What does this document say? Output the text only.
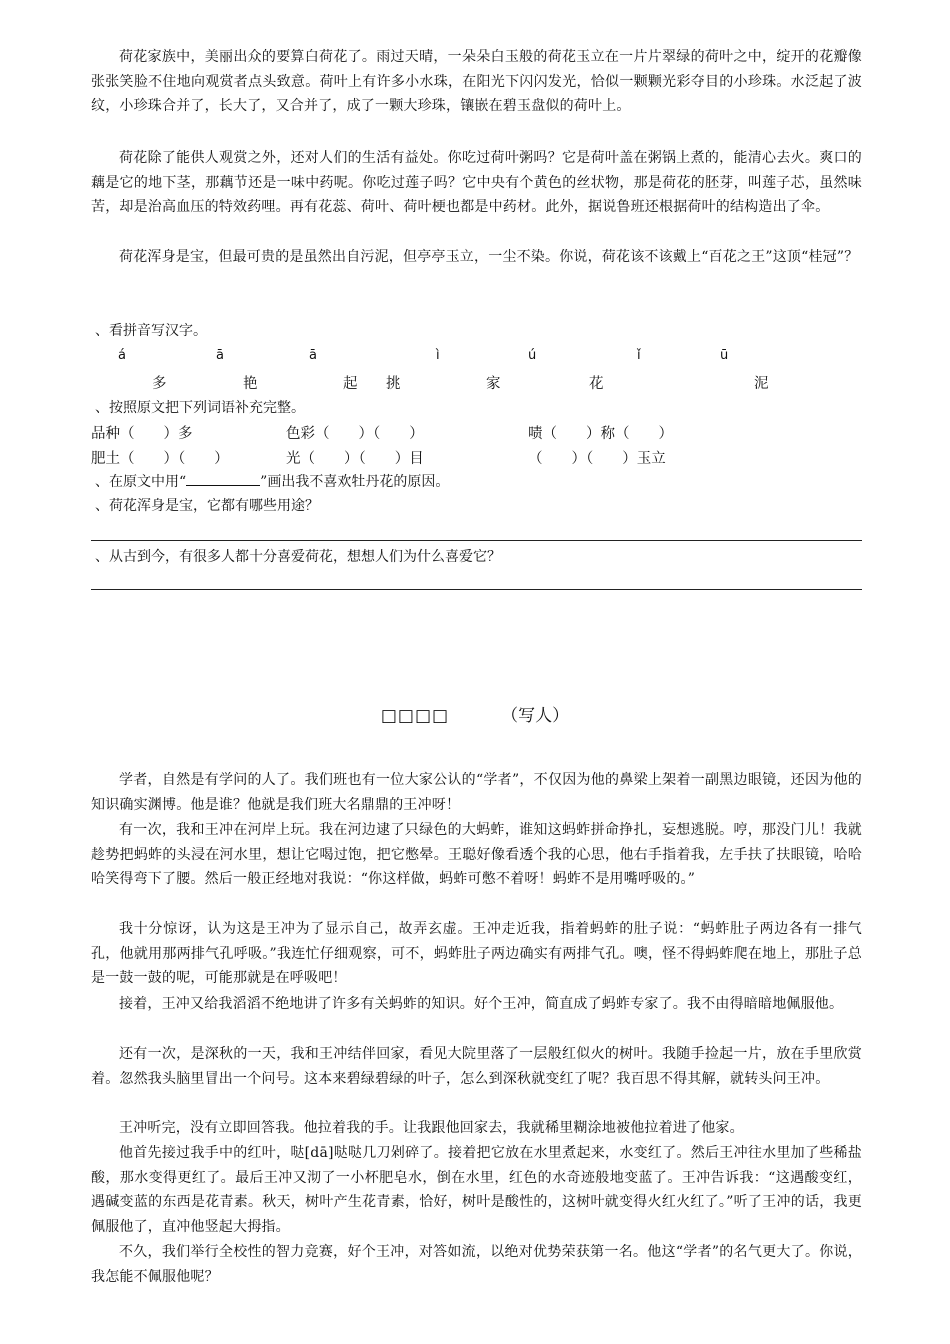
荷花家族中，美丽出众的要算白荷花了。雨过天晴，一朵朵白玉般的荷花玉立在一片片翠绿的荷叶之中，绽开的花瓣像张张笑脸不住地向观赏者点头致意。荷叶上有许多小水珠，在阳光下闪闪发光，恰似一颗颗光彩夺目的小珍珠。水泛起了波纹，小珍珠合并了，长大了，又合并了，成了一颗大珍珠，镶嵌在碧玉盘似的荷叶上。

荷花除了能供人观赏之外，还对人们的生活有益处。你吃过荷叶粥吗？它是荷叶盖在粥锅上煮的，能清心去火。爽口的藕是它的地下茎，那藕节还是一味中药呢。你吃过莲子吗？它中央有个黄色的丝状物，那是荷花的胚芽，叫莲子芯，虽然味苦，却是治高血压的特效药哩。再有花蕊、荷叶、荷叶梗也都是中药材。此外，据说鲁班还根据荷叶的结构造出了伞。

荷花浑身是宝，但最可贵的是虽然出自污泥，但亭亭玉立，一尘不染。你说，荷花该不该戴上“百花之王”这顶“桂冠”？

、看拼音写汉字。
á	ā	ā	ì	ú	ǐ	ū
多	艳	起 挑	家	花	泥
、按照原文把下列词语补充完整。
品种（　　）多	色彩（　　）（　　）	啧（　　）称（　　）
肥土（　　）（　　）	光（　　）（　　）目	（　　）（　　）玉立
、在原文中用“	”画出我不喜欢牡丹花的原因。
、荷花浑身是宝，它都有哪些用途？
、从古到今，有很多人都十分喜爱荷花，想想人们为什么喜爱它？
□□□□	（写人）

学者，自然是有学问的人了。我们班也有一位大家公认的“学者”，不仅因为他的鼻梁上架着一副黑边眼镜，还因为他的知识确实渊博。他是谁？他就是我们班大名鼎鼎的王冲呀！

有一次，我和王冲在河岸上玩。我在河边逮了只绿色的大蚂蚱，谁知这蚂蚱拼命挣扎，妄想逃脱。哼，那没门儿！我就趁势把蚂蚱的头浸在河水里，想让它喝过饱，把它憋晕。王聪好像看透个我的心思，他右手指着我，左手扶了扶眼镜，哈哈哈笑得弯下了腰。然后一般正经地对我说：“你这样做，蚂蚱可憋不着呀！蚂蚱不是用嘴呼吸的。”

我十分惊讶，认为这是王冲为了显示自己，故弄玄虚。王冲走近我，指着蚂蚱的肚子说：“蚂蚱肚子两边各有一排气孔，他就用那两排气孔呼吸。”我连忙仔细观察，可不，蚂蚱肚子两边确实有两排气孔。噢，怪不得蚂蚱爬在地上，那肚子总是一鼓一鼓的呢，可能那就是在呼吸吧！

接着，王冲又给我滔滔不绝地讲了许多有关蚂蚱的知识。好个王冲，简直成了蚂蚱专家了。我不由得暗暗地佩服他。

还有一次，是深秋的一天，我和王冲结伴回家，看见大院里落了一层般红似火的树叶。我随手捡起一片，放在手里欣赏着。忽然我头脑里冒出一个问号。这本来碧绿碧绿的叶子，怎么到深秋就变红了呢？我百思不得其解，就转头问王冲。

王冲听完，没有立即回答我。他拉着我的手。让我跟他回家去，我就稀里糊涂地被他拉着进了他家。

他首先接过我手中的红叶，哒[dā]哒哒几刀剁碎了。接着把它放在水里煮起来，水变红了。然后王冲往水里加了些稀盐酸，那水变得更红了。最后王冲又沏了一小杯肥皂水，倒在水里，红色的水奇迹般地变蓝了。王冲告诉我：“这遇酸变红，遇碱变蓝的东西是花青素。秋天，树叶产生花青素，恰好，树叶是酸性的，这树叶就变得火红火红了。”听了王冲的话，我更佩服他了，直冲他竖起大拇指。

不久，我们举行全校性的智力竞赛，好个王冲，对答如流，以绝对优势荣获第一名。他这“学者”的名气更大了。你说，我怎能不佩服他呢？
